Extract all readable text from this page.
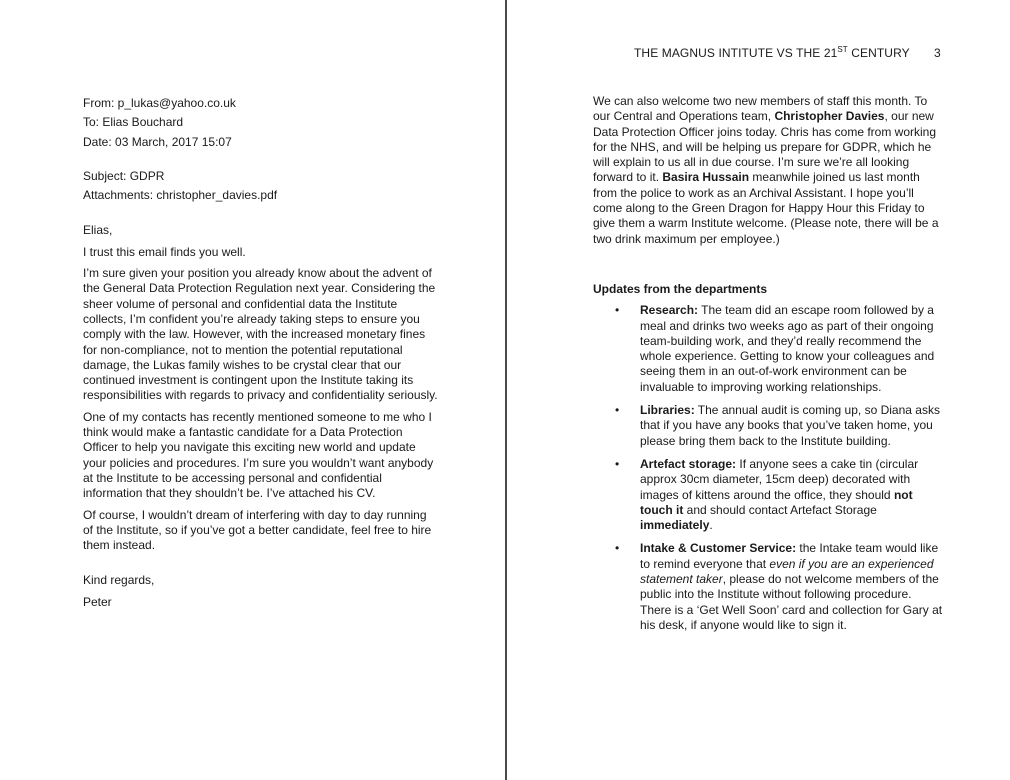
From: p_lukas@yahoo.co.uk
To: Elias Bouchard
Date: 03 March, 2017 15:07
Subject: GDPR
Attachments: christopher_davies.pdf
Elias,
I trust this email finds you well.
I’m sure given your position you already know about the advent of the General Data Protection Regulation next year. Considering the sheer volume of personal and confidential data the Institute collects, I’m confident you’re already taking steps to ensure you comply with the law. However, with the increased monetary fines for non-compliance, not to mention the potential reputational damage, the Lukas family wishes to be crystal clear that our continued investment is contingent upon the Institute taking its responsibilities with regards to privacy and confidentiality seriously.
One of my contacts has recently mentioned someone to me who I think would make a fantastic candidate for a Data Protection Officer to help you navigate this exciting new world and update your policies and procedures. I’m sure you wouldn’t want anybody at the Institute to be accessing personal and confidential information that they shouldn’t be. I’ve attached his CV.
Of course, I wouldn’t dream of interfering with day to day running of the Institute, so if you’ve got a better candidate, feel free to hire them instead.
Kind regards,
Peter
THE MAGNUS INTITUTE VS THE 21ST CENTURY	3
We can also welcome two new members of staff this month. To our Central and Operations team, Christopher Davies, our new Data Protection Officer joins today. Chris has come from working for the NHS, and will be helping us prepare for GDPR, which he will explain to us all in due course. I’m sure we’re all looking forward to it. Basira Hussain meanwhile joined us last month from the police to work as an Archival Assistant. I hope you’ll come along to the Green Dragon for Happy Hour this Friday to give them a warm Institute welcome. (Please note, there will be a two drink maximum per employee.)
Updates from the departments
• Research: The team did an escape room followed by a meal and drinks two weeks ago as part of their ongoing team-building work, and they’d really recommend the whole experience. Getting to know your colleagues and seeing them in an out-of-work environment can be invaluable to improving working relationships.
• Libraries: The annual audit is coming up, so Diana asks that if you have any books that you’ve taken home, you please bring them back to the Institute building.
• Artefact storage: If anyone sees a cake tin (circular approx 30cm diameter, 15cm deep) decorated with images of kittens around the office, they should not touch it and should contact Artefact Storage immediately.
• Intake & Customer Service: the Intake team would like to remind everyone that even if you are an experienced statement taker, please do not welcome members of the public into the Institute without following procedure. There is a ‘Get Well Soon’ card and collection for Gary at his desk, if anyone would like to sign it.
